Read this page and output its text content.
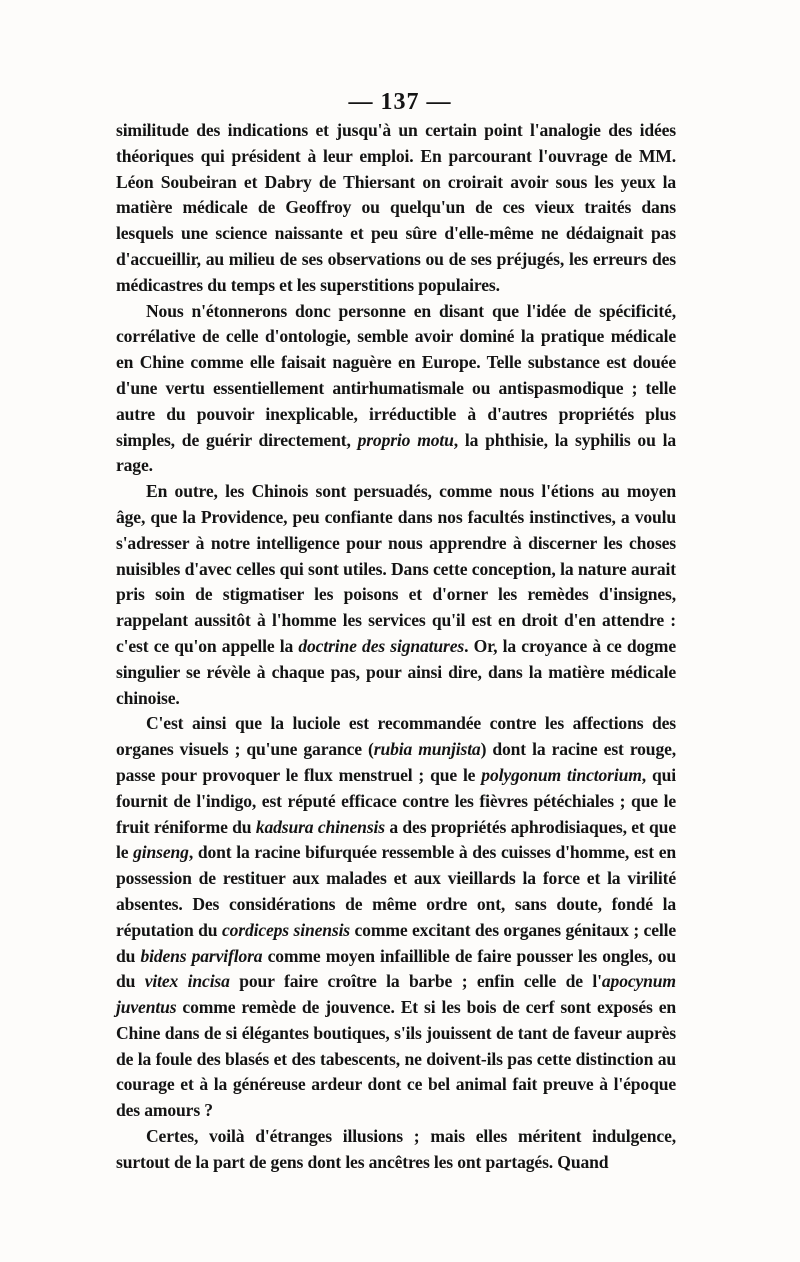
— 137 —

similitude des indications et jusqu'à un certain point l'analogie des idées théoriques qui président à leur emploi. En parcourant l'ouvrage de MM. Léon Soubeiran et Dabry de Thiersant on croirait avoir sous les yeux la matière médicale de Geoffroy ou quelqu'un de ces vieux traités dans lesquels une science naissante et peu sûre d'elle-même ne dédaignait pas d'accueillir, au milieu de ses observations ou de ses préjugés, les erreurs des médicastres du temps et les superstitions populaires.

Nous n'étonnerons donc personne en disant que l'idée de spécificité, corrélative de celle d'ontologie, semble avoir dominé la pratique médicale en Chine comme elle faisait naguère en Europe. Telle substance est douée d'une vertu essentiellement antirhumatismale ou antispasmodique ; telle autre du pouvoir inexplicable, irréductible à d'autres propriétés plus simples, de guérir directement, proprio motu, la phthisie, la syphilis ou la rage.

En outre, les Chinois sont persuadés, comme nous l'étions au moyen âge, que la Providence, peu confiante dans nos facultés instinctives, a voulu s'adresser à notre intelligence pour nous apprendre à discerner les choses nuisibles d'avec celles qui sont utiles. Dans cette conception, la nature aurait pris soin de stigmatiser les poisons et d'orner les remèdes d'insignes, rappelant aussitôt à l'homme les services qu'il est en droit d'en attendre : c'est ce qu'on appelle la doctrine des signatures. Or, la croyance à ce dogme singulier se révèle à chaque pas, pour ainsi dire, dans la matière médicale chinoise.

C'est ainsi que la luciole est recommandée contre les affections des organes visuels ; qu'une garance (rubia munjista) dont la racine est rouge, passe pour provoquer le flux menstruel ; que le polygonum tinctorium, qui fournit de l'indigo, est réputé efficace contre les fièvres pétéchiales ; que le fruit réniforme du kadsura chinensis a des propriétés aphrodisiaques, et que le ginseng, dont la racine bifurquée ressemble à des cuisses d'homme, est en possession de restituer aux malades et aux vieillards la force et la virilité absentes. Des considérations de même ordre ont, sans doute, fondé la réputation du cordiceps sinensis comme excitant des organes génitaux ; celle du bidens parviflora comme moyen infaillible de faire pousser les ongles, ou du vitex incisa pour faire croître la barbe ; enfin celle de l'apocynum juventus comme remède de jouvence. Et si les bois de cerf sont exposés en Chine dans de si élégantes boutiques, s'ils jouissent de tant de faveur auprès de la foule des blasés et des tabescents, ne doivent-ils pas cette distinction au courage et à la généreuse ardeur dont ce bel animal fait preuve à l'époque des amours ?

Certes, voilà d'étranges illusions ; mais elles méritent indulgence, surtout de la part de gens dont les ancêtres les ont partagés. Quand
